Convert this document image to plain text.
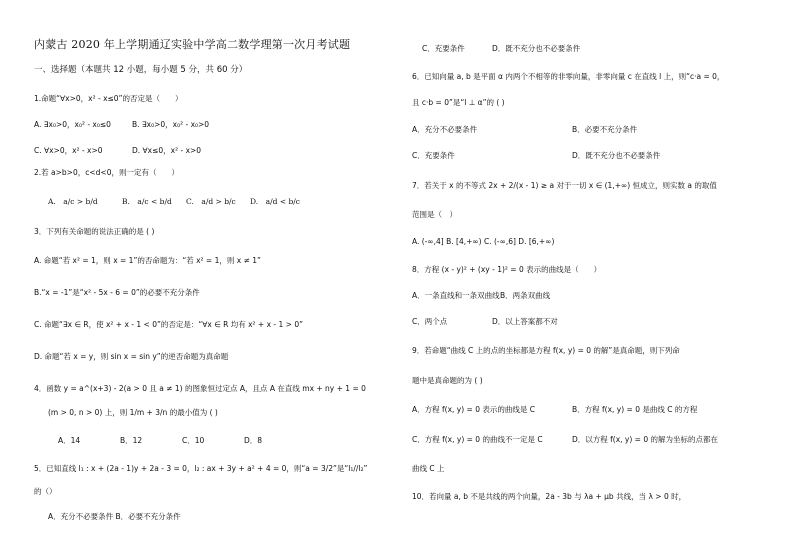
内蒙古 2020 年上学期通辽实验中学高二数学理第一次月考试题
一、选择题（本题共 12 小题，每小题 5 分，共 60 分）
1.命题“∀x>0，x² - x≤0”的否定是（　　）
A. ∃x₀>0，x₀² - x₀≤0	B. ∃x₀>0，x₀² - x₀>0
C. ∀x>0，x² - x>0	D. ∀x≤0，x² - x>0
2.若 a>b>0，c<d<0，则一定有（　　）
A.　a/c > b/d	B.　a/c < b/d C.　a/d > b/c D.　a/d < b/c
3．下列有关命题的说法正确的是 ( )
A. 命题“若 x² = 1，则 x = 1”的否命题为：“若 x² = 1，则 x ≠ 1”
B.“x = -1”是“x² - 5x - 6 = 0”的必要不充分条件
C. 命题“∃x ∈ R，使 x² + x - 1 < 0”的否定是：“∀x ∈ R 均有 x² + x - 1 > 0”
D. 命题“若 x = y，则 sin x = sin y”的逆否命题为真命题
4．函数 y = a^(x+3) - 2(a > 0 且 a ≠ 1) 的图象恒过定点 A，且点 A 在直线 mx + ny + 1 = 0
(m > 0, n > 0) 上，则 1/m + 3/n 的最小值为 ( )
A．14	B．12	C．10	D．8
5．已知直线 l₁ : x + (2a - 1)y + 2a - 3 = 0，l₂ : ax + 3y + a² + 4 = 0，则“a = 3/2”是“l₁//l₂”
的（）
A．充分不必要条件 B．必要不充分条件
C．充要条件	D．既不充分也不必要条件
6．已知向量 a, b 是平面 α 内两个不相等的非零向量，非零向量 c 在直线 l 上，则“c·a = 0，
且 c·b = 0”是“l ⊥ α”的 ( )
A．充分不必要条件	B．必要不充分条件
C．充要条件	D．既不充分也不必要条件
7．若关于 x 的不等式 2x + 2/(x - 1) ≥ a 对于一切 x ∈ (1,+∞) 恒成立，则实数 a 的取值
范围是（　）
A. (-∞,4] B. [4,+∞) C. (-∞,6] D. [6,+∞)
8．方程 (x - y)² + (xy - 1)² = 0 表示的曲线是（　　）
A．一条直线和一条双曲线 B．两条双曲线
C．两个点	D．以上答案都不对
9．若命题“曲线 C 上的点的坐标都是方程 f(x, y) = 0 的解”是真命题，则下列命
题中是真命题的为 ( )
A．方程 f(x, y) = 0 表示的曲线是 C	B．方程 f(x, y) = 0 是曲线 C 的方程
C．方程 f(x, y) = 0 的曲线不一定是 C	D．以方程 f(x, y) = 0 的解为坐标的点都在
曲线 C 上
10．若向量 a, b 不是共线的两个向量，2a - 3b 与 λa + μb 共线，当 λ > 0 时，
